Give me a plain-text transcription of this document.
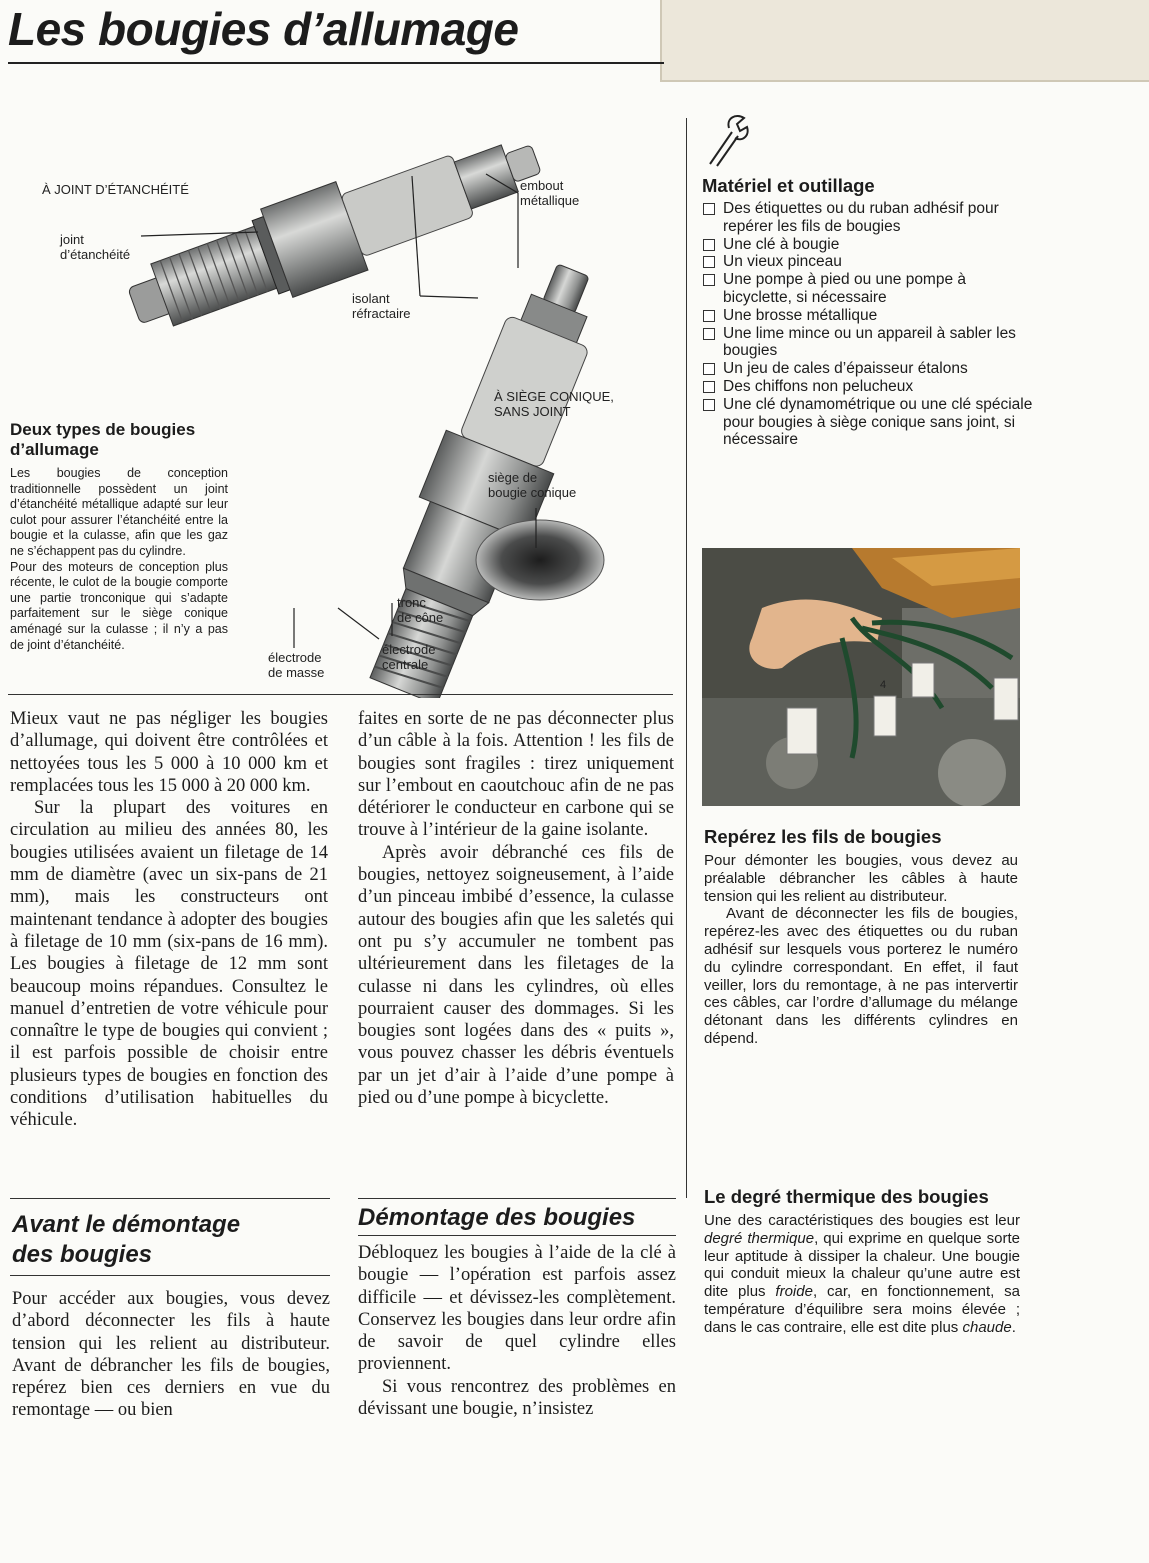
Les bougies d’allumage
À JOINT D’ÉTANCHÉITÉ
joint
d’étanchéité
embout
métallique
isolant
réfractaire
À SIÈGE CONIQUE,
SANS JOINT
siège de
bougie conique
tronc
de cône
électrode
centrale
électrode
de masse
Deux types de bougies d’allumage

Les bougies de conception traditionnelle possèdent un joint d’étanchéité métallique adapté sur leur culot pour assurer l’étanchéité entre la bougie et la culasse, afin que les gaz ne s’échappent pas du cylindre.

Pour des moteurs de conception plus récente, le culot de la bougie comporte une partie tronconique qui s’adapte parfaitement sur le siège conique aménagé sur la culasse ; il n’y a pas de joint d’étanchéité.

Mieux vaut ne pas négliger les bougies d’allumage, qui doivent être contrôlées et nettoyées tous les 5 000 à 10 000 km et remplacées tous les 15 000 à 20 000 km.

Sur la plupart des voitures en circulation au milieu des années 80, les bougies utilisées avaient un filetage de 14 mm de diamètre (avec un six-pans de 21 mm), mais les constructeurs ont maintenant tendance à adopter des bougies à filetage de 10 mm (six-pans de 16 mm). Les bougies à filetage de 12 mm sont beaucoup moins répandues. Consultez le manuel d’entretien de votre véhicule pour connaître le type de bougies qui convient ; il est parfois possible de choisir entre plusieurs types de bougies en fonction des conditions d’utilisation habituelles du véhicule.

faites en sorte de ne pas déconnecter plus d’un câble à la fois. Attention ! les fils de bougies sont fragiles : tirez uniquement sur l’embout en caoutchouc afin de ne pas détériorer le conducteur en carbone qui se trouve à l’intérieur de la gaine isolante.

Après avoir débranché ces fils de bougies, nettoyez soigneusement, à l’aide d’un pinceau imbibé d’essence, la culasse autour des bougies afin que les saletés qui ont pu s’y accumuler ne tombent pas ultérieurement dans les filetages de la culasse ni dans les cylindres, où elles pourraient causer des dommages. Si les bougies sont logées dans des « puits », vous pouvez chasser les débris éventuels par un jet d’air à l’aide d’une pompe à pied ou d’une pompe à bicyclette.

Avant le démontage
des bougies

Pour accéder aux bougies, vous devez d’abord déconnecter les fils à haute tension qui les relient au distributeur. Avant de débrancher les fils de bougies, repérez bien ces derniers en vue du remontage — ou bien

Démontage des bougies

Débloquez les bougies à l’aide de la clé à bougie — l’opération est parfois assez difficile — et dévissez-les complètement. Conservez les bougies dans leur ordre afin de savoir de quel cylindre elles proviennent.

Si vous rencontrez des problèmes en dévissant une bougie, n’insistez

Matériel et outillage
Des étiquettes ou du ruban adhésif pour repérer les fils de bougies
Une clé à bougie
Un vieux pinceau
Une pompe à pied ou une pompe à bicyclette, si nécessaire
Une brosse métallique
Une lime mince ou un appareil à sabler les bougies
Un jeu de cales d’épaisseur étalons
Des chiffons non pelucheux
Une clé dynamométrique ou une clé spéciale pour bougies à siège conique sans joint, si nécessaire
4
Repérez les fils de bougies

Pour démonter les bougies, vous devez au préalable débrancher les câbles à haute tension qui les relient au distributeur.

Avant de déconnecter les fils de bougies, repérez-les avec des étiquettes ou du ruban adhésif sur lesquels vous porterez le numéro du cylindre correspondant. En effet, il faut veiller, lors du remontage, à ne pas intervertir ces câbles, car l’ordre d’allumage du mélange détonant dans les différents cylindres en dépend.

Le degré thermique des bougies

Une des caractéristiques des bougies est leur degré thermique, qui exprime en quelque sorte leur aptitude à dissiper la chaleur. Une bougie qui conduit mieux la chaleur qu’une autre est dite plus froide, car, en fonctionnement, sa température d’équilibre sera moins élevée ; dans le cas contraire, elle est dite plus chaude.
